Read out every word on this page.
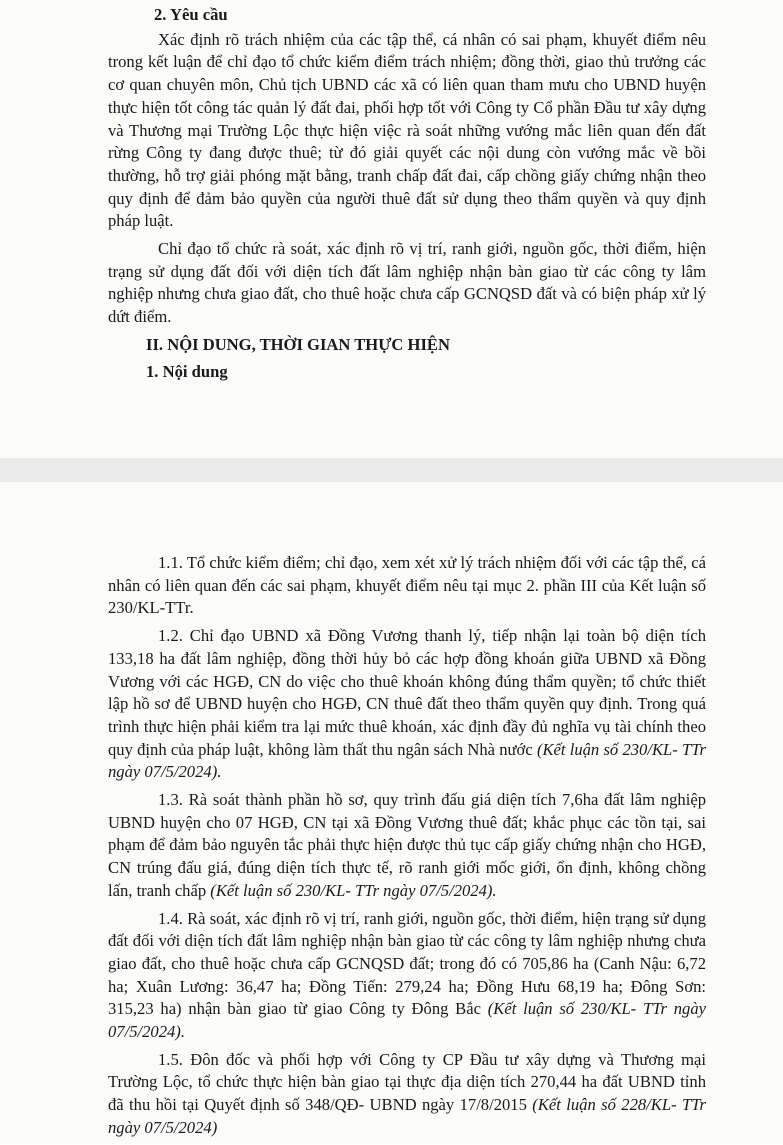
2. Yêu cầu

Xác định rõ trách nhiệm của các tập thể, cá nhân có sai phạm, khuyết điểm nêu trong kết luận để chỉ đạo tổ chức kiểm điểm trách nhiệm; đồng thời, giao thủ trưởng các cơ quan chuyên môn, Chủ tịch UBND các xã có liên quan tham mưu cho UBND huyện thực hiện tốt công tác quản lý đất đai, phối hợp tốt với Công ty Cổ phần Đầu tư xây dựng và Thương mại Trường Lộc thực hiện việc rà soát những vướng mắc liên quan đến đất rừng Công ty đang được thuê; từ đó giải quyết các nội dung còn vướng mắc về bồi thường, hỗ trợ giải phóng mặt bằng, tranh chấp đất đai, cấp chồng giấy chứng nhận theo quy định để đảm bảo quyền của người thuê đất sử dụng theo thẩm quyền và quy định pháp luật.

Chỉ đạo tổ chức rà soát, xác định rõ vị trí, ranh giới, nguồn gốc, thời điểm, hiện trạng sử dụng đất đối với diện tích đất lâm nghiệp nhận bàn giao từ các công ty lâm nghiệp nhưng chưa giao đất, cho thuê hoặc chưa cấp GCNQSD đất và có biện pháp xử lý dứt điểm.

II. NỘI DUNG, THỜI GIAN THỰC HIỆN
1. Nội dung

1.1. Tổ chức kiểm điểm; chỉ đạo, xem xét xử lý trách nhiệm đối với các tập thể, cá nhân có liên quan đến các sai phạm, khuyết điểm nêu tại mục 2. phần III của Kết luận số 230/KL-TTr.

1.2. Chỉ đạo UBND xã Đồng Vương thanh lý, tiếp nhận lại toàn bộ diện tích 133,18 ha đất lâm nghiệp, đồng thời hủy bỏ các hợp đồng khoán giữa UBND xã Đồng Vương với các HGĐ, CN do việc cho thuê khoán không đúng thẩm quyền; tổ chức thiết lập hồ sơ để UBND huyện cho HGĐ, CN thuê đất theo thẩm quyền quy định. Trong quá trình thực hiện phải kiểm tra lại mức thuê khoán, xác định đầy đủ nghĩa vụ tài chính theo quy định của pháp luật, không làm thất thu ngân sách Nhà nước (Kết luận số 230/KL- TTr ngày 07/5/2024).

1.3. Rà soát thành phần hồ sơ, quy trình đấu giá diện tích 7,6ha đất lâm nghiệp UBND huyện cho 07 HGĐ, CN tại xã Đồng Vương thuê đất; khắc phục các tồn tại, sai phạm để đảm bảo nguyên tắc phải thực hiện được thủ tục cấp giấy chứng nhận cho HGĐ, CN trúng đấu giá, đúng diện tích thực tế, rõ ranh giới mốc giới, ổn định, không chồng lấn, tranh chấp (Kết luận số 230/KL- TTr ngày 07/5/2024).

1.4. Rà soát, xác định rõ vị trí, ranh giới, nguồn gốc, thời điểm, hiện trạng sử dụng đất đối với diện tích đất lâm nghiệp nhận bàn giao từ các công ty lâm nghiệp nhưng chưa giao đất, cho thuê hoặc chưa cấp GCNQSD đất; trong đó có 705,86 ha (Canh Nậu: 6,72 ha; Xuân Lương: 36,47 ha; Đồng Tiến: 279,24 ha; Đồng Hưu 68,19 ha; Đông Sơn: 315,23 ha) nhận bàn giao từ giao Công ty Đông Bắc (Kết luận số 230/KL- TTr ngày 07/5/2024).

1.5. Đôn đốc và phối hợp với Công ty CP Đầu tư xây dựng và Thương mại Trường Lộc, tổ chức thực hiện bàn giao tại thực địa diện tích 270,44 ha đất UBND tỉnh đã thu hồi tại Quyết định số 348/QĐ- UBND ngày 17/8/2015 (Kết luận số 228/KL- TTr ngày 07/5/2024)
